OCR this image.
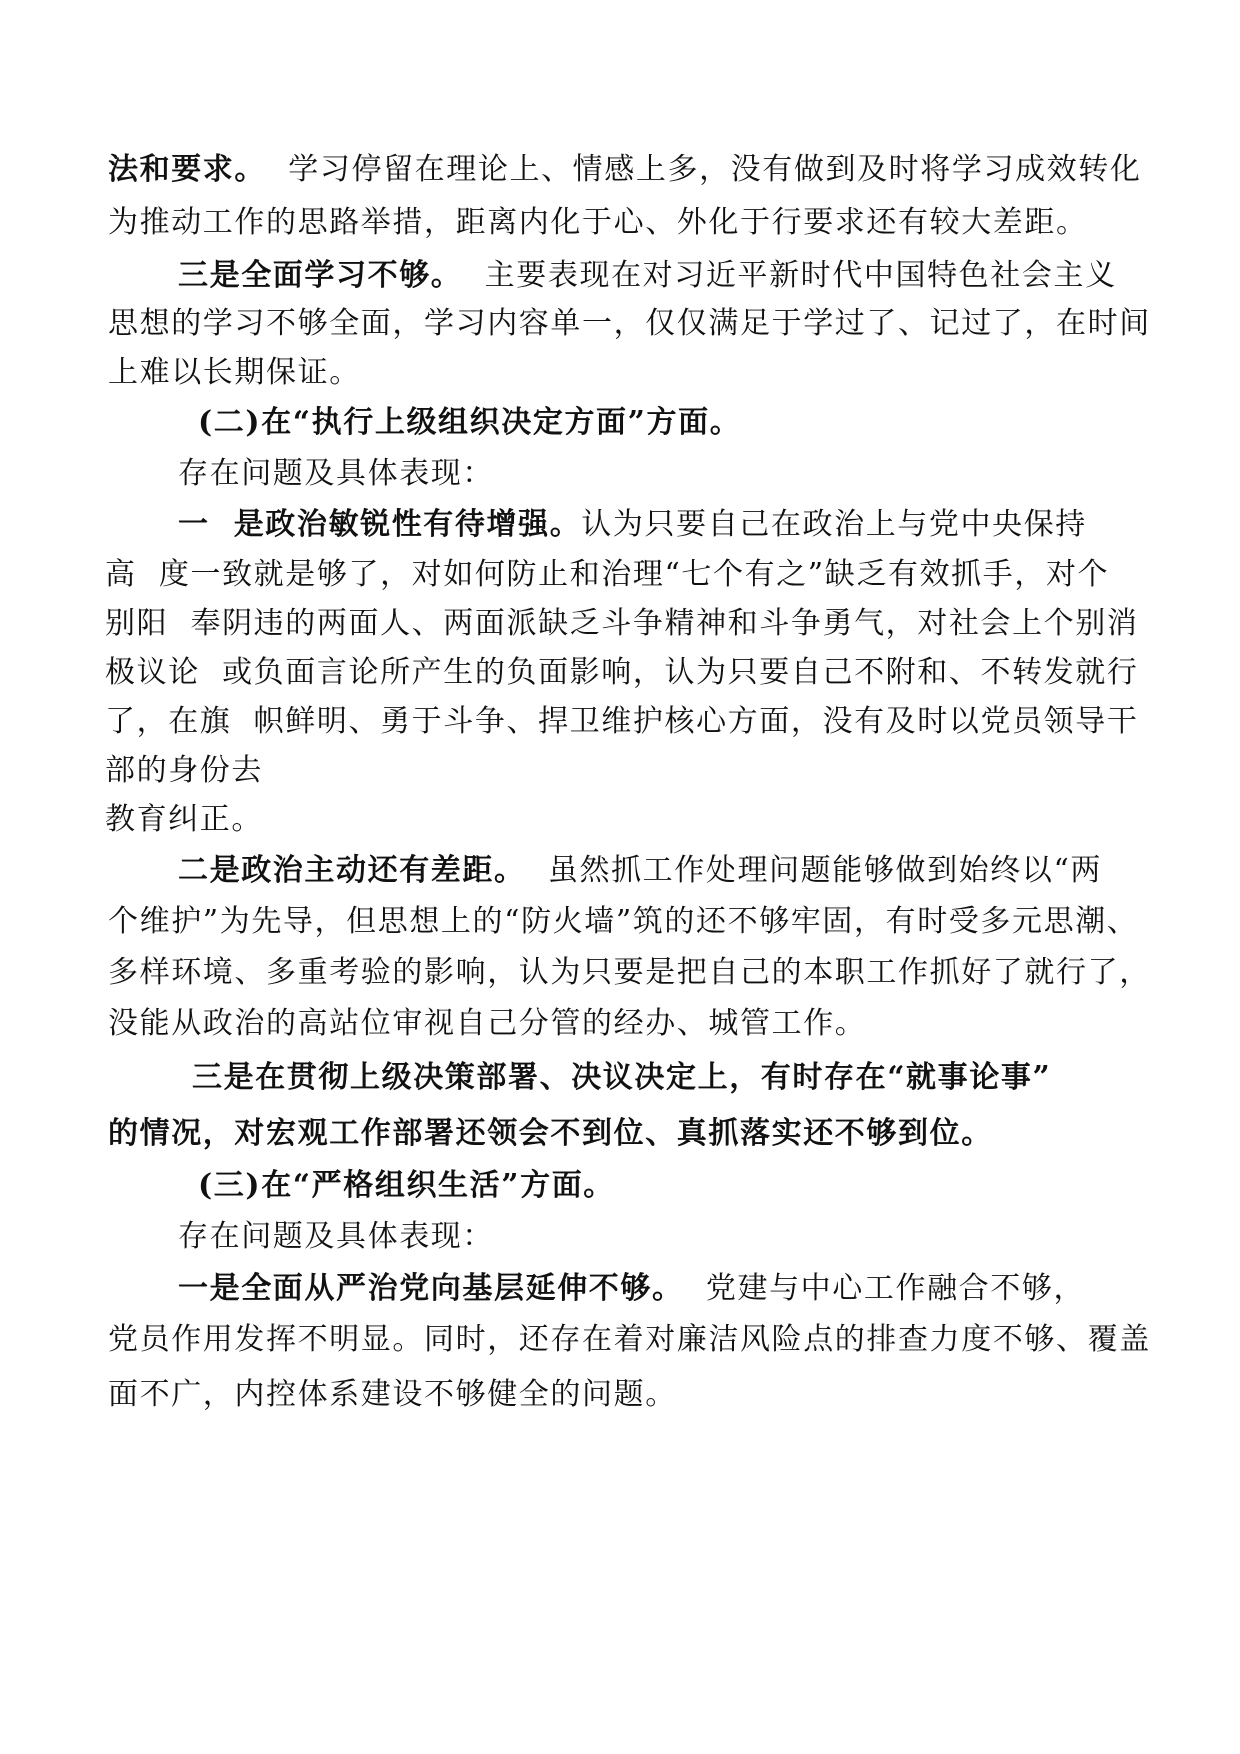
法和要求。  学习停留在理论上、情感上多，没有做到及时将学习成效转化
为推动工作的思路举措，距离内化于心、外化于行要求还有较大差距。
三是全面学习不够。  主要表现在对习近平新时代中国特色社会主义
思想的学习不够全面，学习内容单一，仅仅满足于学过了、记过了，在时间
上难以长期保证。
(二)在“执行上级组织决定方面”方面。
存在问题及具体表现：
一  是政治敏锐性有待增强。认为只要自己在政治上与党中央保持
高  度一致就是够了，对如何防止和治理“七个有之”缺乏有效抓手，对个
别阳  奉阴违的两面人、两面派缺乏斗争精神和斗争勇气，对社会上个别消
极议论  或负面言论所产生的负面影响，认为只要自己不附和、不转发就行
了，在旗  帜鲜明、勇于斗争、捍卫维护核心方面，没有及时以党员领导干
部的身份去
教育纠正。
二是政治主动还有差距。  虽然抓工作处理问题能够做到始终以“两
个维护”为先导，但思想上的“防火墙”筑的还不够牢固，有时受多元思潮、
多样环境、多重考验的影响，认为只要是把自己的本职工作抓好了就行了，
没能从政治的高站位审视自己分管的经办、城管工作。
三是在贯彻上级决策部署、决议决定上，有时存在“就事论事”
的情况，对宏观工作部署还领会不到位、真抓落实还不够到位。
(三)在“严格组织生活”方面。
存在问题及具体表现：
一是全面从严治党向基层延伸不够。  党建与中心工作融合不够，
党员作用发挥不明显。同时，还存在着对廉洁风险点的排查力度不够、覆盖
面不广，内控体系建设不够健全的问题。
